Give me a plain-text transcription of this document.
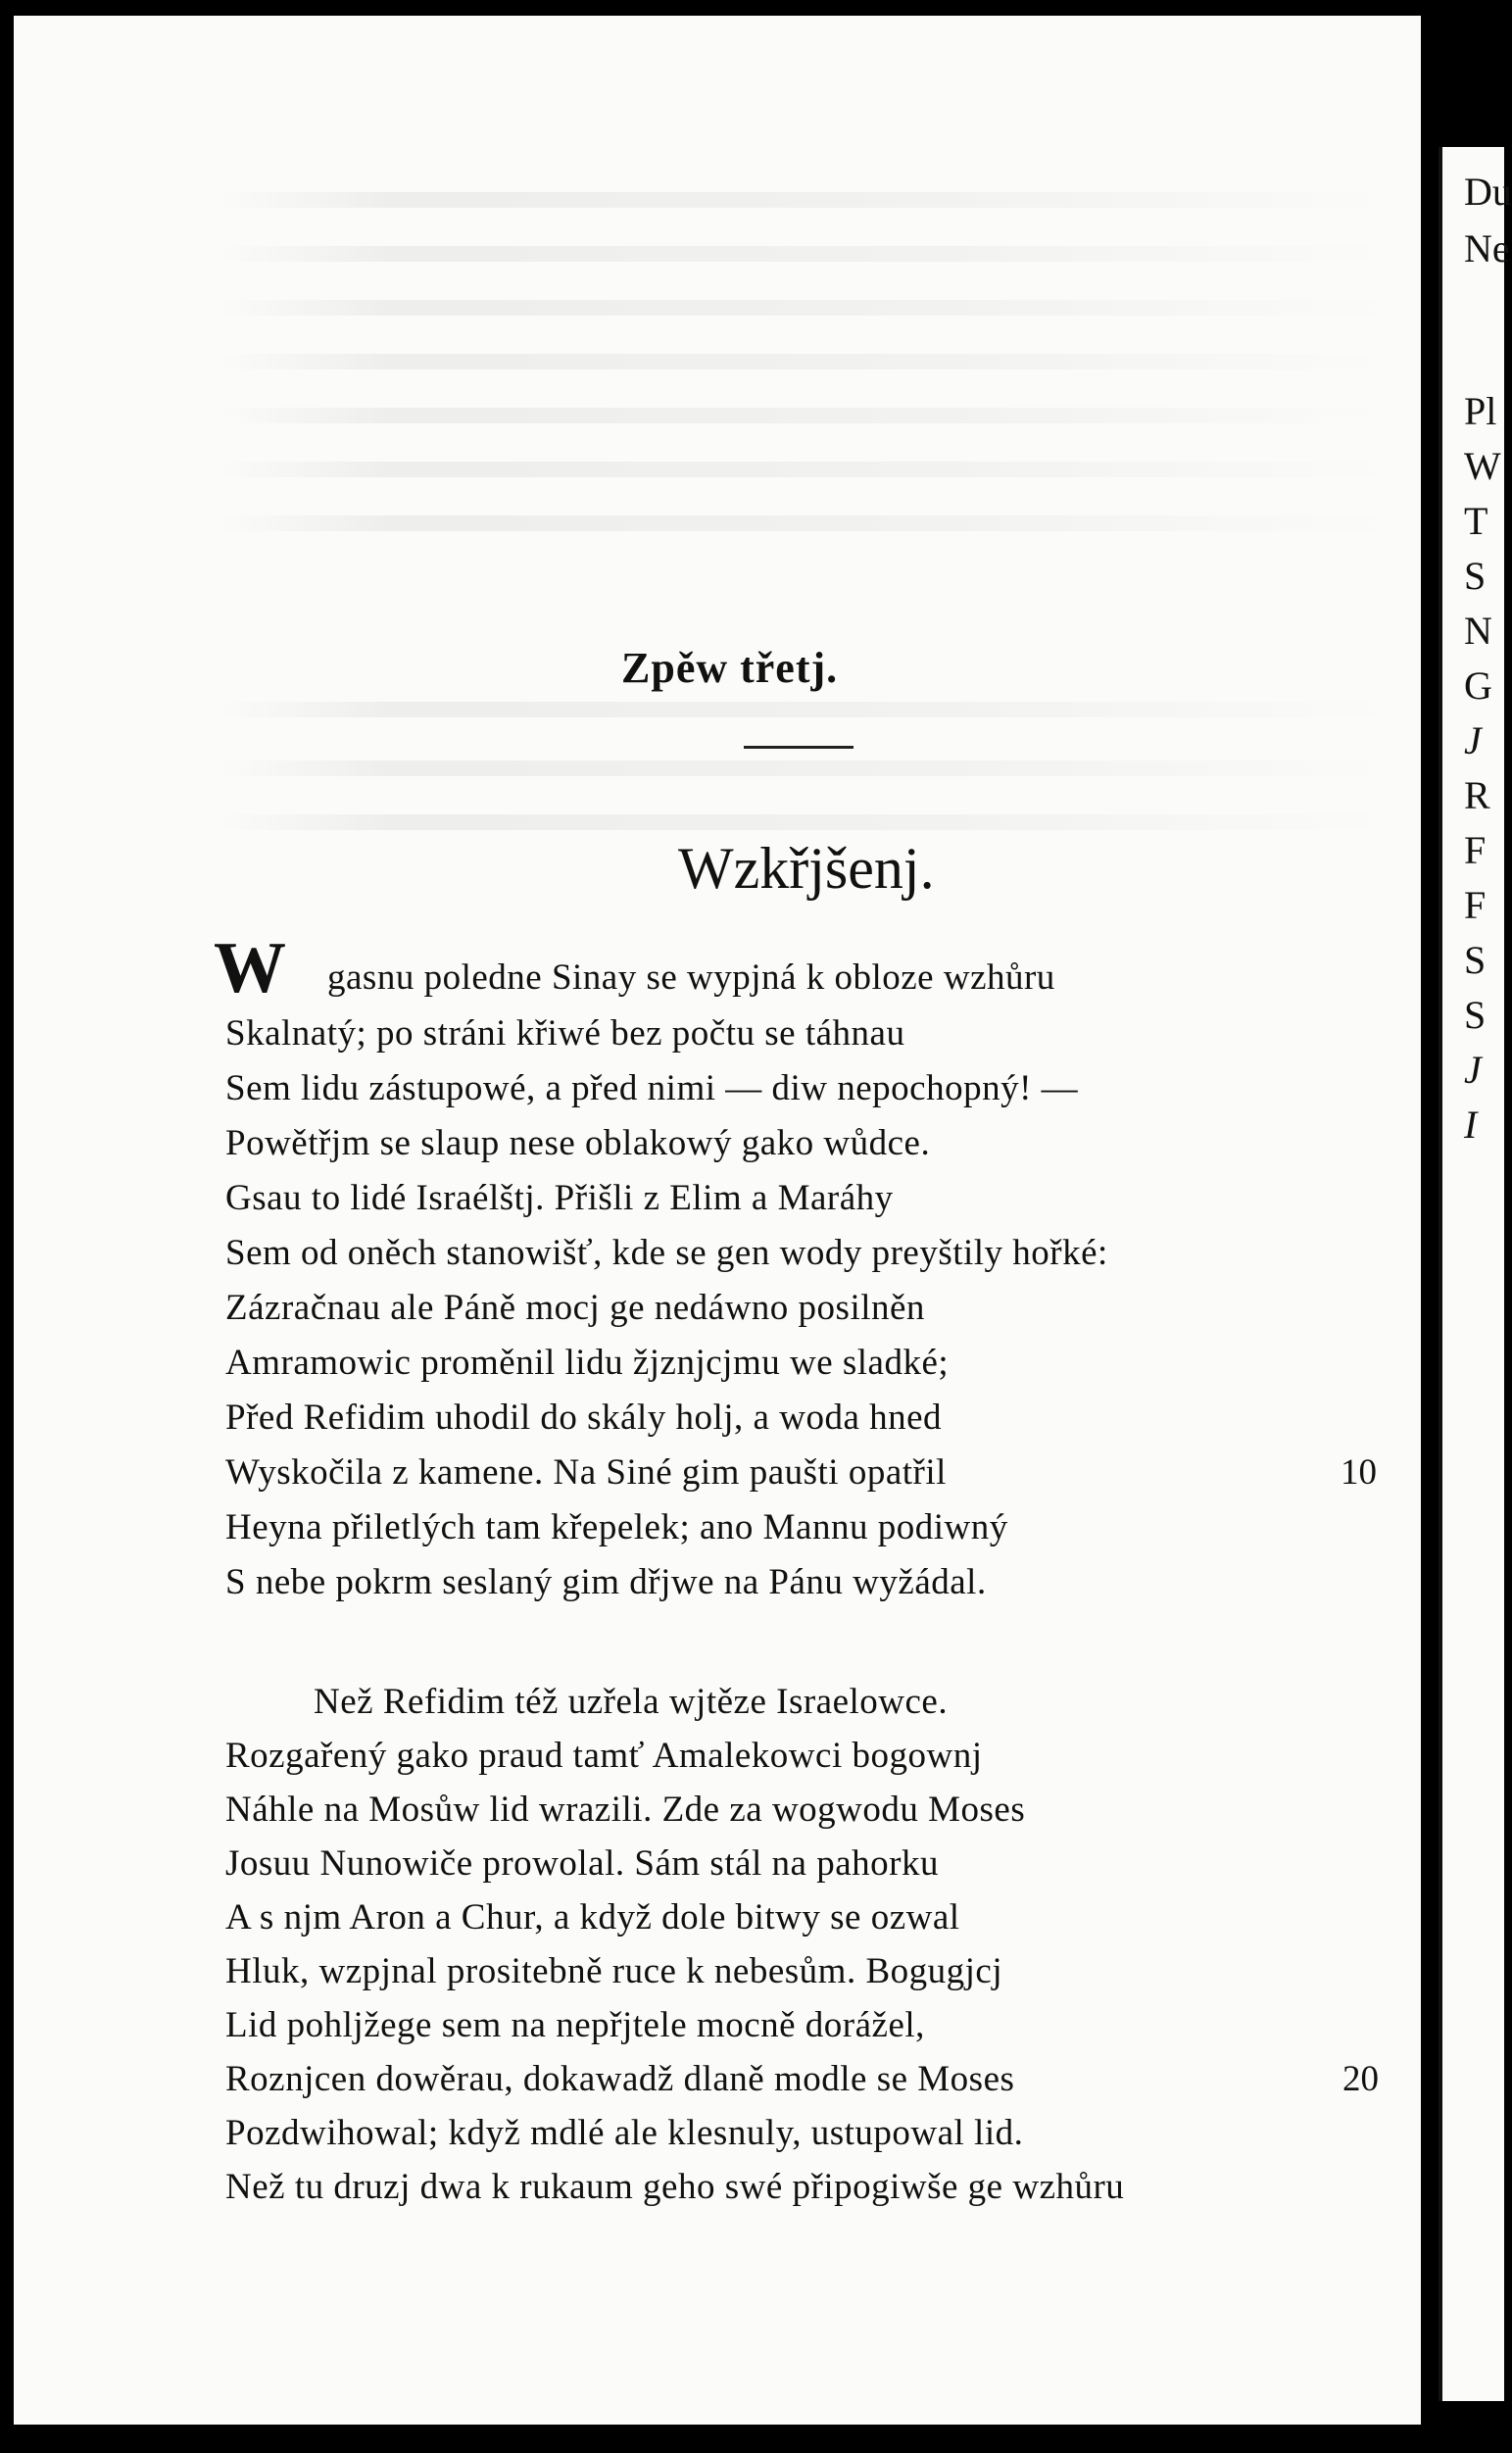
Zpěw třetj.
Wzkřjšenj.
W gasnu poledne Sinay se wypjná k obloze wzhůru
Skalnatý; po stráni křiwé bez počtu se táhnau
Sem lidu zástupowé, a před nimi — diw nepochopný! —
Powětřjm se slaup nese oblakowý gako wůdce.
Gsau to lidé Israélštj. Přišli z Elim a Maráhy
Sem od oněch stanowišť, kde se gen wody preyštily hořké:
Zázračnau ale Páně mocj ge nedáwno posilněn
Amramowic proměnil lidu žjznjcjmu we sladké;
Před Refidim uhodil do skály holj, a woda hned
Wyskočila z kamene. Na Siné gim paušti opatřil	10
Heyna přiletlých tam křepelek; ano Mannu podiwný
S nebe pokrm seslaný gim dřjwe na Pánu wyžádal.
Než Refidim též uzřela wjtěze Israelowce.
Rozgařený gako praud tamť Amalekowci bogownj
Náhle na Mosůw lid wrazili. Zde za wogwodu Moses
Josuu Nunowiče prowolal. Sám stál na pahorku
A s njm Aron a Chur, a když dole bitwy se ozwal
Hluk, wzpjnal prositebně ruce k nebesům. Bogugjcj
Lid pohljžege sem na nepřjtele mocně dorážel,
Roznjcen dowěrau, dokawadž dlaně modle se Moses	20
Pozdwihowal; když mdlé ale klesnuly, ustupowal lid.
Než tu druzj dwa k rukaum geho swé připogiwše ge wzhůru
Du
Ne
Pl
W
T
S
N
G
J
R
F
F
S
S
J
I
